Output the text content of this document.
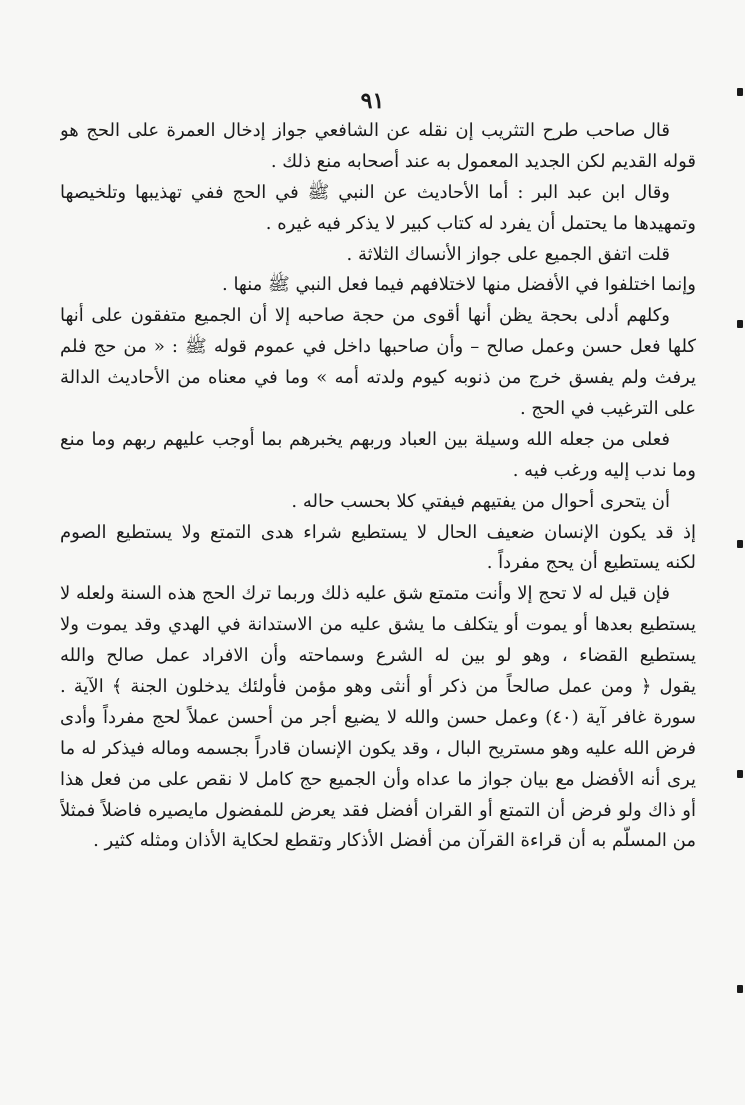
٩١
قال صاحب طرح التثريب إن نقله عن الشافعي جواز إدخال العمرة على الحج هو
قوله القديم لكن الجديد المعمول به عند أصحابه منع ذلك .
وقال ابن عبد البر : أما الأحاديث عن النبي ﷺ في الحج ففي تهذيبها وتلخيصها
وتمهيدها ما يحتمل أن يفرد له كتاب كبير لا يذكر فيه غيره .
قلت اتفق الجميع على جواز الأنساك الثلاثة .
وإنما اختلفوا في الأفضل منها لاختلافهم فيما فعل النبي ﷺ منها .
وكلهم أدلى بحجة يظن أنها أقوى من حجة صاحبه إلا أن الجميع متفقون على أنها
كلها فعل حسن وعمل صالح – وأن صاحبها داخل في عموم قوله ﷺ : « من حج فلم
يرفث ولم يفسق خرج من ذنوبه كيوم ولدته أمه » وما في معناه من الأحاديث الدالة
على الترغيب في الحج .
فعلى من جعله الله وسيلة بين العباد وربهم يخبرهم بما أوجب عليهم ربهم وما منع
وما ندب إليه ورغب فيه .
أن يتحرى أحوال من يفتيهم فيفتي كلا بحسب حاله .
إذ قد يكون الإنسان ضعيف الحال لا يستطيع شراء هدى التمتع ولا يستطيع الصوم
لكنه يستطيع أن يحج مفرداً .
فإن قيل له لا تحج إلا وأنت متمتع شق عليه ذلك وربما ترك الحج هذه السنة ولعله لا
يستطيع بعدها أو يموت أو يتكلف ما يشق عليه من الاستدانة في الهدي وقد يموت ولا
يستطيع القضاء ، وهو لو بين له الشرع وسماحته وأن الافراد عمل صالح والله
يقول ﴿ ومن عمل صالحاً من ذكر أو أنثى وهو مؤمن فأولئك يدخلون الجنة ﴾ الآية .
سورة غافر آية (٤٠) وعمل حسن والله لا يضيع أجر من أحسن عملاً لحج مفرداً وأدى
فرض الله عليه وهو مستريح البال ، وقد يكون الإنسان قادراً بجسمه وماله فيذكر له ما
يرى أنه الأفضل مع بيان جواز ما عداه وأن الجميع حج كامل لا نقص على من فعل هذا
أو ذاك ولو فرض أن التمتع أو القران أفضل فقد يعرض للمفضول مايصيره فاضلاً فمثلاً
من المسلّم به أن قراءة القرآن من أفضل الأذكار وتقطع لحكاية الأذان ومثله كثير .
